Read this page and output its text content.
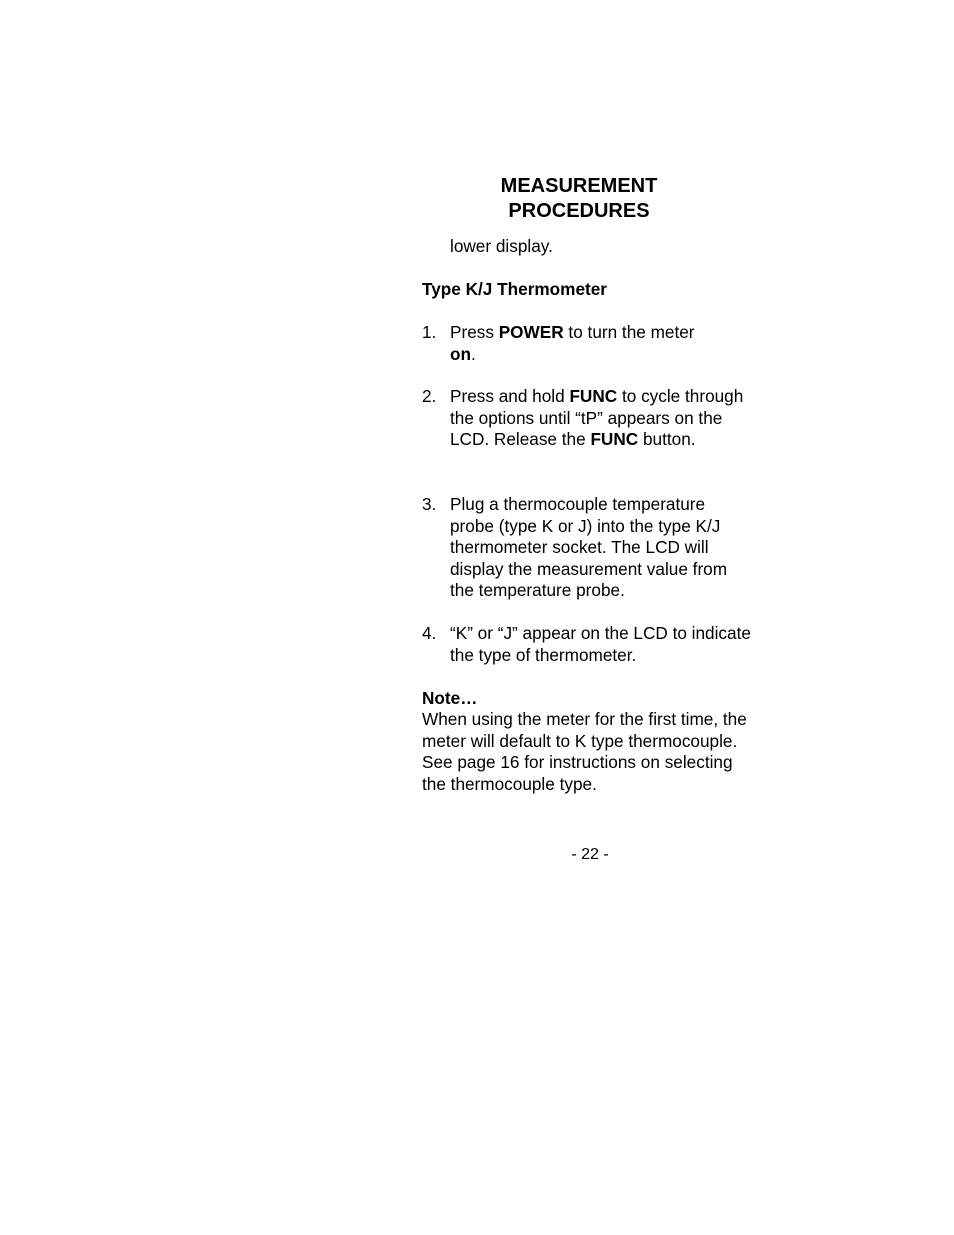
MEASUREMENT
PROCEDURES

lower display.

Type K/J Thermometer

1. Press POWER to turn the meter
on.
2. Press and hold FUNC to cycle through the options until “tP” appears on the LCD. Release the FUNC button.
3. Plug a thermocouple temperature probe (type K or J) into the type K/J thermometer socket. The LCD will display the measurement value from the temperature probe.
4. “K” or “J” appear on the LCD to indicate the type of thermometer.

Note…

When using the meter for the first time, the meter will default to K type thermocouple. See page 16 for instructions on selecting the thermocouple type.

- 22 -
